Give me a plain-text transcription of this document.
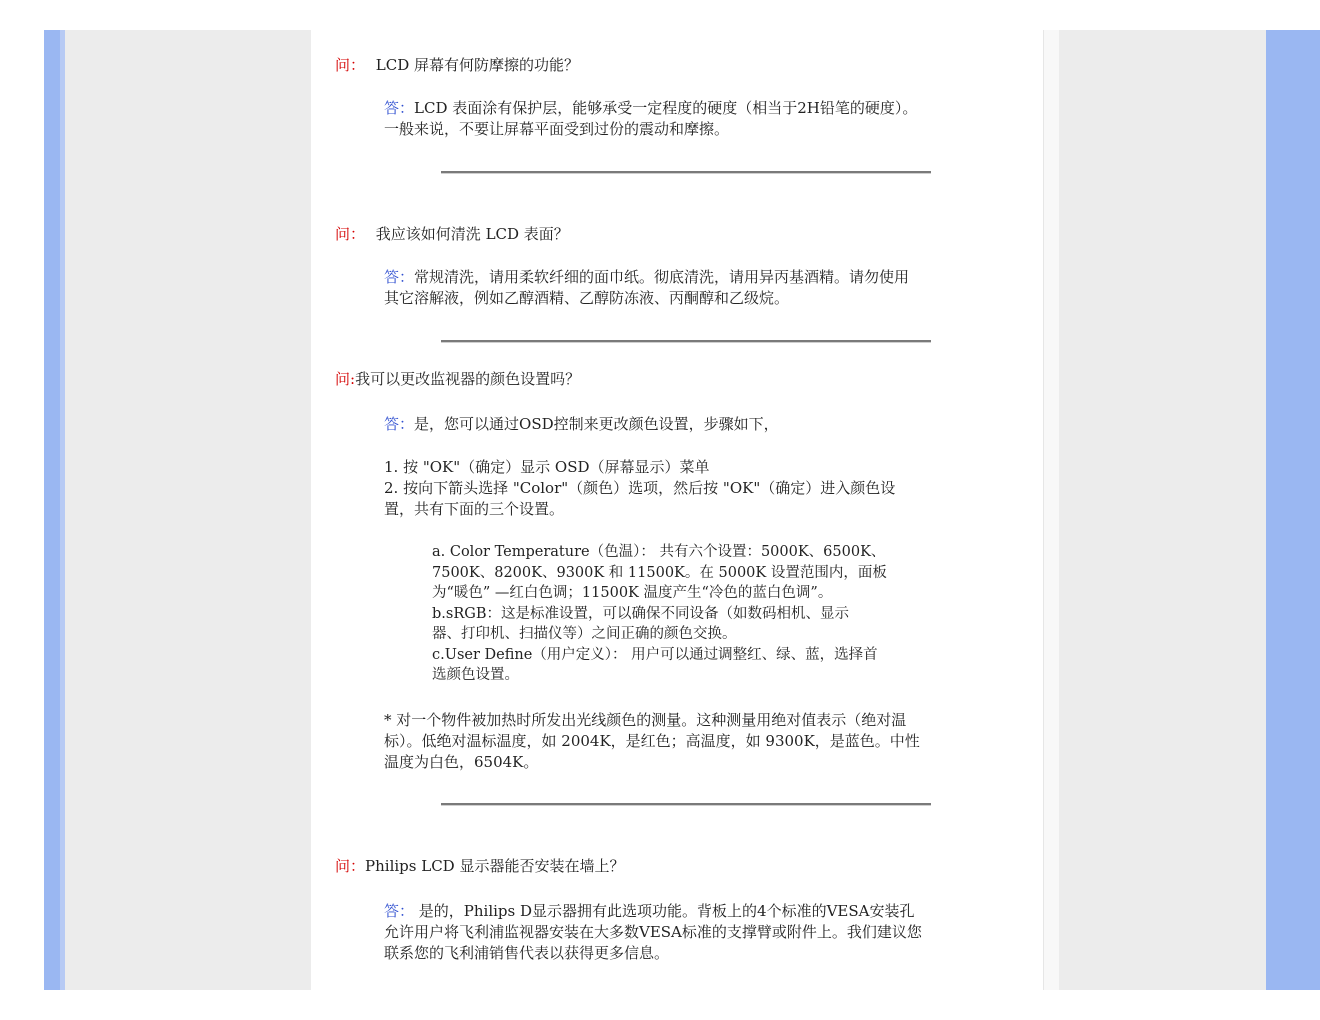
问： LCD 屏幕有何防摩擦的功能？
答：LCD 表面涂有保护层，能够承受一定程度的硬度（相当于2H铅笔的硬度）。
一般来说，不要让屏幕平面受到过份的震动和摩擦。
问： 我应该如何清洗 LCD 表面？
答：常规清洗，请用柔软纤细的面巾纸。彻底清洗，请用异丙基酒精。请勿使用
其它溶解液，例如乙醇酒精、乙醇防冻液、丙酮醇和乙级烷。
问:我可以更改监视器的颜色设置吗？
答：是，您可以通过OSD控制来更改颜色设置，步骤如下，
1. 按 "OK"（确定）显示 OSD（屏幕显示）菜单
2. 按向下箭头选择 "Color"（颜色）选项，然后按 "OK"（确定）进入颜色设
置，共有下面的三个设置。
a. Color Temperature（色温）： 共有六个设置：5000K、6500K、
7500K、8200K、9300K 和 11500K。在 5000K 设置范围内，面板
为“暖色” —红白色调；11500K 温度产生“冷色的蓝白色调”。
b.sRGB：这是标准设置，可以确保不同设备（如数码相机、显示
器、打印机、扫描仪等）之间正确的颜色交换。
c.User Define（用户定义）： 用户可以通过调整红、绿、蓝，选择首
选颜色设置。
* 对一个物件被加热时所发出光线颜色的测量。这种测量用绝对值表示（绝对温
标）。低绝对温标温度，如 2004K，是红色；高温度，如 9300K，是蓝色。中性
温度为白色，6504K。
问：Philips LCD 显示器能否安装在墙上？
答： 是的，Philips D显示器拥有此选项功能。背板上的4个标准的VESA安装孔
允许用户将飞利浦监视器安装在大多数VESA标准的支撑臂或附件上。我们建议您
联系您的飞利浦销售代表以获得更多信息。
